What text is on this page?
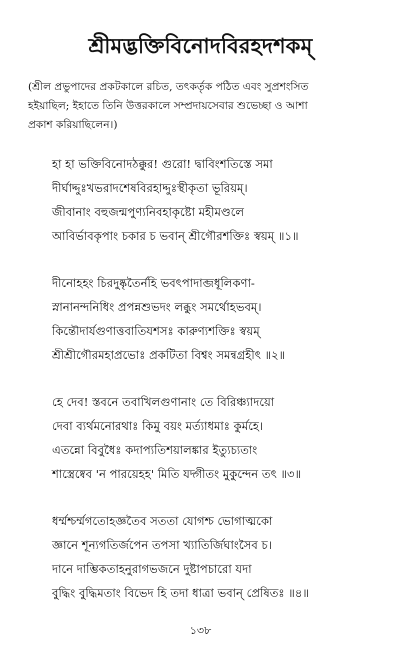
শ্রীমদ্ভক্তিবিনোদবিরহদশকম্

(শ্রীল প্রভুপাদের প্রকটকালে রচিত, তৎকর্তৃক পঠিত এবং সুপ্রশংসিত

হইয়াছিল; ইহাতে তিনি উত্তরকালে সম্প্রদায়সেবার শুভেচ্ছা ও আশা

প্রকাশ করিয়াছিলেন।)

হা হা ভক্তিবিনোদঠক্কুর! গুরো! দ্বাবিংশতিস্তে সমা

দীর্ঘাদ্দুঃখভরাদশেষবিরহাদ্দুঃস্থীকৃতা ভূরিয়ম্।

জীবানাং বহুজন্মপুণ্যনিবহাকৃষ্টো মহীমণ্ডলে

আবির্ভাবকৃপাং চকার চ ভবান্ শ্রীগৌরশক্তিঃ স্বয়ম্ ॥১॥

দীনোহহং চিরদুষ্কৃতৈর্নহি ভবৎপাদাব্জধূলিকণা-

স্নানানন্দনিধিং প্রপন্নশুভদং লব্ধুং সমর্থোহভবম্।

কিন্তৌদার্যগুণাত্তবাতিযশসঃ কারুণ্যশক্তিঃ স্বয়ম্

শ্রীশ্রীগৌরমহাপ্রভোঃ প্রকটিতা বিশ্বং সমন্বগ্রহীৎ ॥২॥

হে দেব! স্তবনে তবাখিলগুণানাং তে বিরিঞ্চ্যাদয়ো

দেবা ব্যর্থমনোরথাঃ কিমু বয়ং মর্ত্যাধমাঃ কুর্মহে।

এতন্নো বিবুধৈঃ কদাপ্যতিশয়ালঙ্কার ইত্যুচ্যতাং

শাস্ত্রেষ্বেব 'ন পারয়েহহ' মিতি যদ্গীতং মুকুন্দেন তৎ ॥৩॥

ধর্ম্মশ্চর্ম্মগতোহজ্ঞতৈব সততা যোগশ্চ ভোগাত্মকো

জ্ঞানে শূন্যগতির্জপেন তপসা খ্যাতির্জিঘাংসৈব চ।

দানে দাম্ভিকতাহনুরাগভজনে দুষ্টাপচারো যদা

বুদ্ধিং বুদ্ধিমতাং বিভেদ হি তদা ধাত্রা ভবান্ প্রেষিতঃ ॥৪॥

১৩৮
